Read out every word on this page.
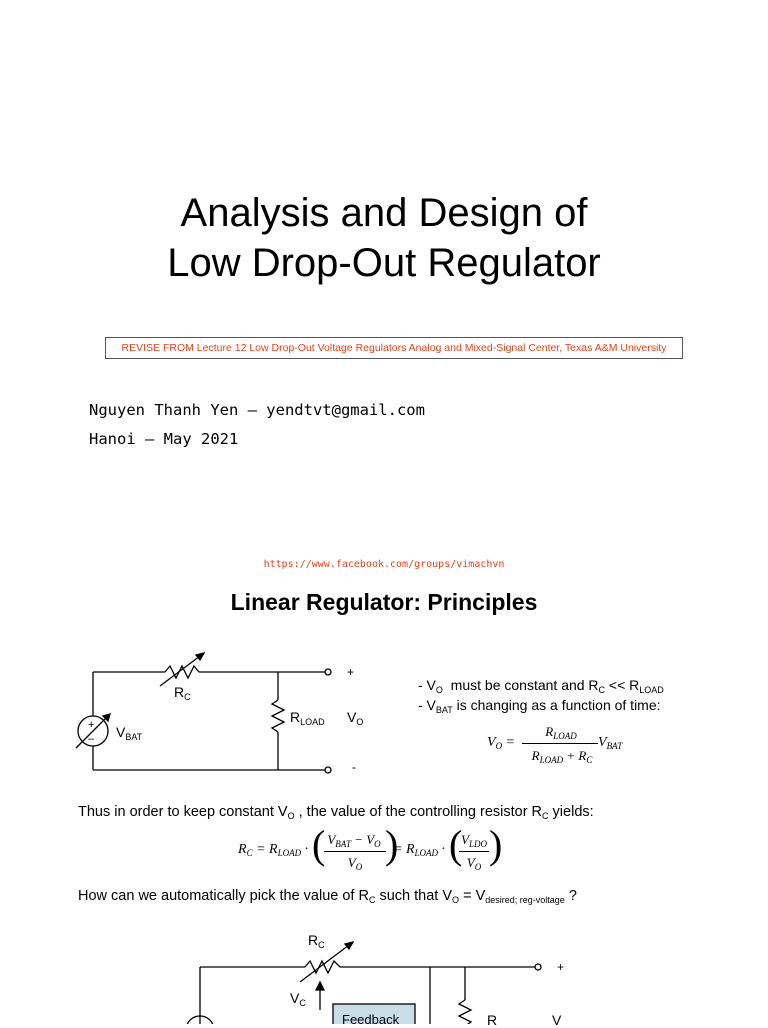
Analysis and Design of
Low Drop-Out Regulator
REVISE FROM Lecture 12 Low Drop-Out Voltage Regulators Analog and Mixed-Signal Center, Texas A&M University
Nguyen Thanh Yen – yendtvt@gmail.com
Hanoi – May 2021
https://www.facebook.com/groups/vimachvn
Linear Regulator: Principles
+
–
$R_C$
$V_{BAT}$
$R_{LOAD}$ $V_O$
+
-
- $V_O$  must be constant and $R_C << R_{LOAD}$
- $V_{BAT}$ is changing as a function of time:
$V_O$ =
$R_{LOAD}$
$R_{LOAD} + R_C$
$V_{BAT}$
Thus in order to keep constant $V_O$ , the value of the controlling resistor $R_C$ yields:
$R_C = R_{LOAD}$ · ( $V_{BAT} - V_O$
$V_O$ )
= $R_{LOAD}$ · (
$V_{LDO}$
$V_O$ )
How can we automatically pick the value of $R_C$ such that $V_O = V_{desired; reg-voltage}$ ?
$R_C$
$V_C$
Feedback	R	V
+
